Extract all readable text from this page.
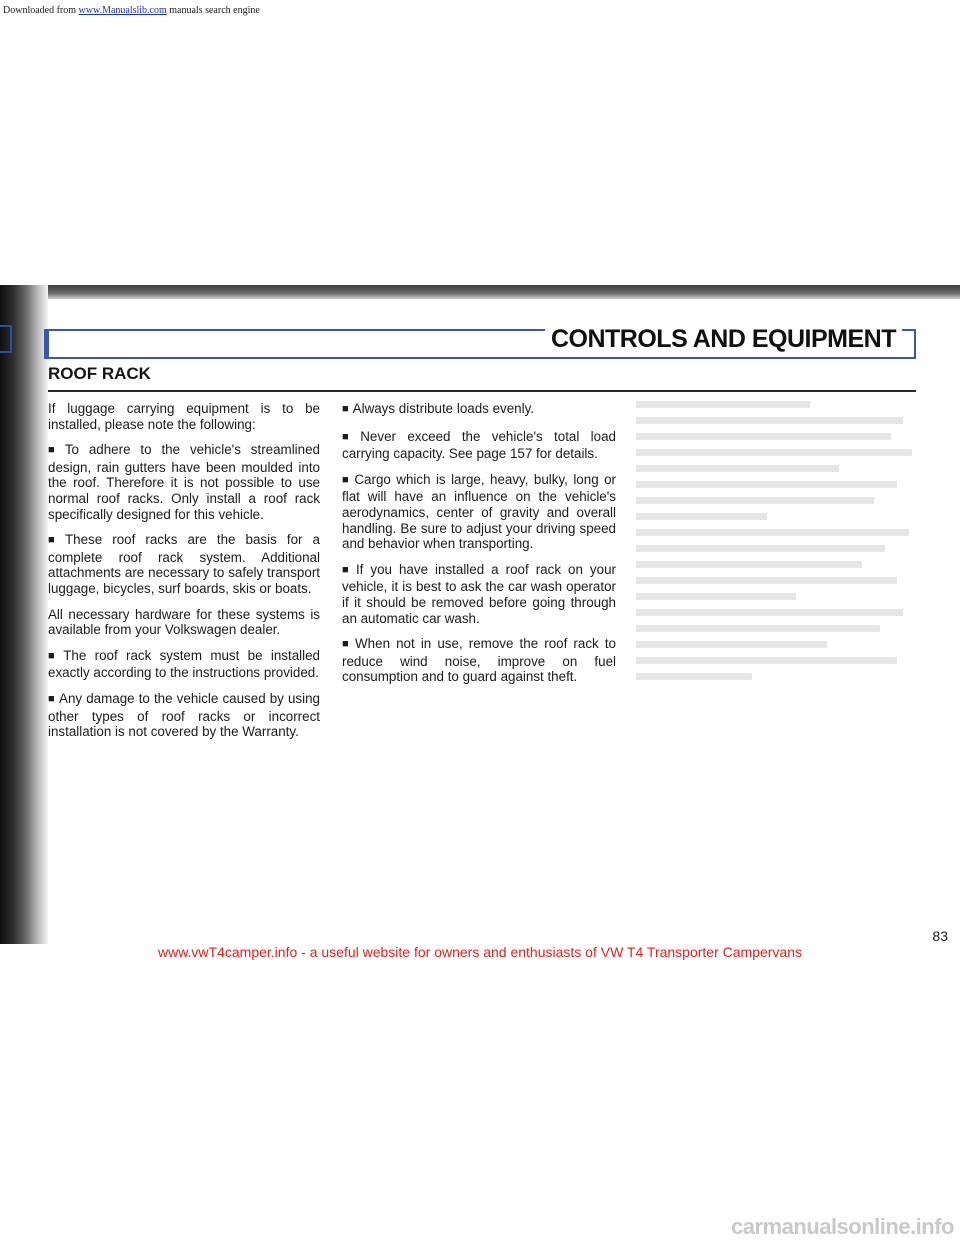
Downloaded from www.Manualslib.com manuals search engine
CONTROLS AND EQUIPMENT
ROOF RACK

If luggage carrying equipment is to be installed, please note the following:

■ To adhere to the vehicle's streamlined design, rain gutters have been moulded into the roof. Therefore it is not possible to use normal roof racks. Only install a roof rack specifically designed for this vehicle.

■ These roof racks are the basis for a complete roof rack system. Additional attachments are necessary to safely transport luggage, bicycles, surf boards, skis or boats.

All necessary hardware for these systems is available from your Volkswagen dealer.

■ The roof rack system must be installed exactly according to the instructions provided.

■ Any damage to the vehicle caused by using other types of roof racks or incorrect installation is not covered by the Warranty.

■ Always distribute loads evenly.

■ Never exceed the vehicle's total load carrying capacity. See page 157 for details.

■ Cargo which is large, heavy, bulky, long or flat will have an influence on the vehicle's aerodynamics, center of gravity and overall handling. Be sure to adjust your driving speed and behavior when transporting.

■ If you have installed a roof rack on your vehicle, it is best to ask the car wash operator if it should be removed before going through an automatic car wash.

■ When not in use, remove the roof rack to reduce wind noise, improve on fuel consumption and to guard against theft.

83
www.vwT4camper.info - a useful website for owners and enthusiasts of VW T4 Transporter Campervans
carmanualsonline.info
